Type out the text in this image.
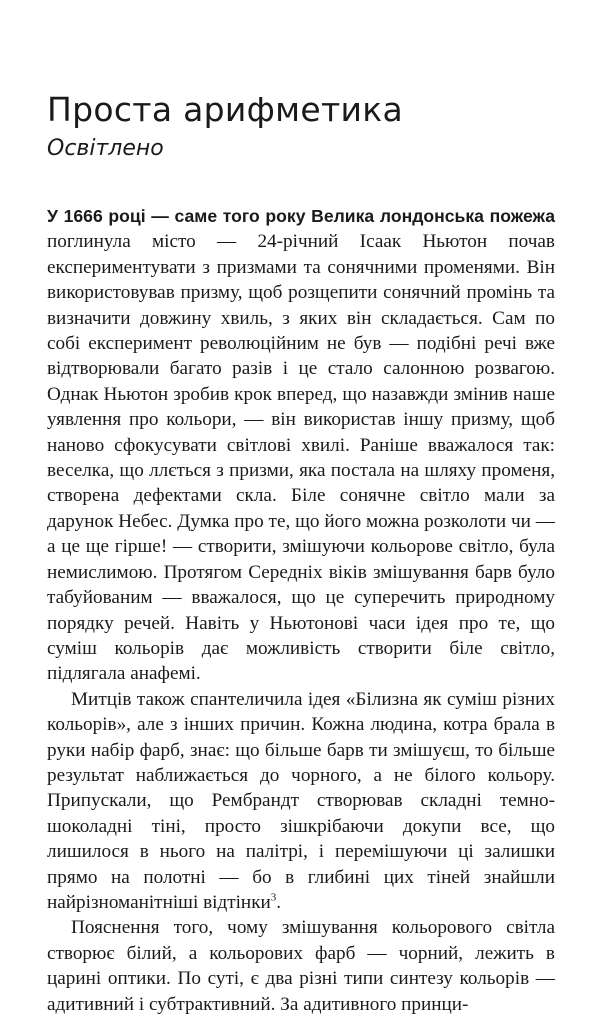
Проста арифметика
Освітлено

У 1666 році — саме того року Велика лондонська пожежа поглинула місто — 24-річний Ісаак Ньютон почав експериментувати з призмами та сонячними променями. Він використовував призму, щоб розщепити сонячний промінь та визначити довжину хвиль, з яких він складається. Сам по собі експеримент революційним не був — подібні речі вже відтворювали багато разів і це стало салонною розвагою. Однак Ньютон зробив крок вперед, що назавжди змінив наше уявлення про кольори, — він використав іншу призму, щоб наново сфокусувати світлові хвилі. Раніше вважалося так: веселка, що ллється з призми, яка постала на шляху променя, створена дефектами скла. Біле сонячне світло мали за дарунок Небес. Думка про те, що його можна розколоти чи — а це ще гірше! — створити, змішуючи кольорове світло, була немислимою. Протягом Середніх віків змішування барв було табуйованим — вважалося, що це суперечить природному порядку речей. Навіть у Ньютонові часи ідея про те, що суміш кольорів дає можливість створити біле світло, підлягала анафемі.

Митців також спантеличила ідея «Білизна як суміш різних кольорів», але з інших причин. Кожна людина, котра брала в руки набір фарб, знає: що більше барв ти змішуєш, то більше результат наближається до чорного, а не білого кольору. Припускали, що Рембрандт створював складні темно-шоколадні тіні, просто зішкрібаючи докупи все, що лишилося в нього на палітрі, і перемішуючи ці залишки прямо на полотні — бо в глибині цих тіней знайшли найрізноманітніші відтінки$^3$.

Пояснення того, чому змішування кольорового світла створює білий, а кольорових фарб — чорний, лежить в царині оптики. По суті, є два різні типи синтезу кольорів — адитивний і субтрактивний. За адитивного принци-
